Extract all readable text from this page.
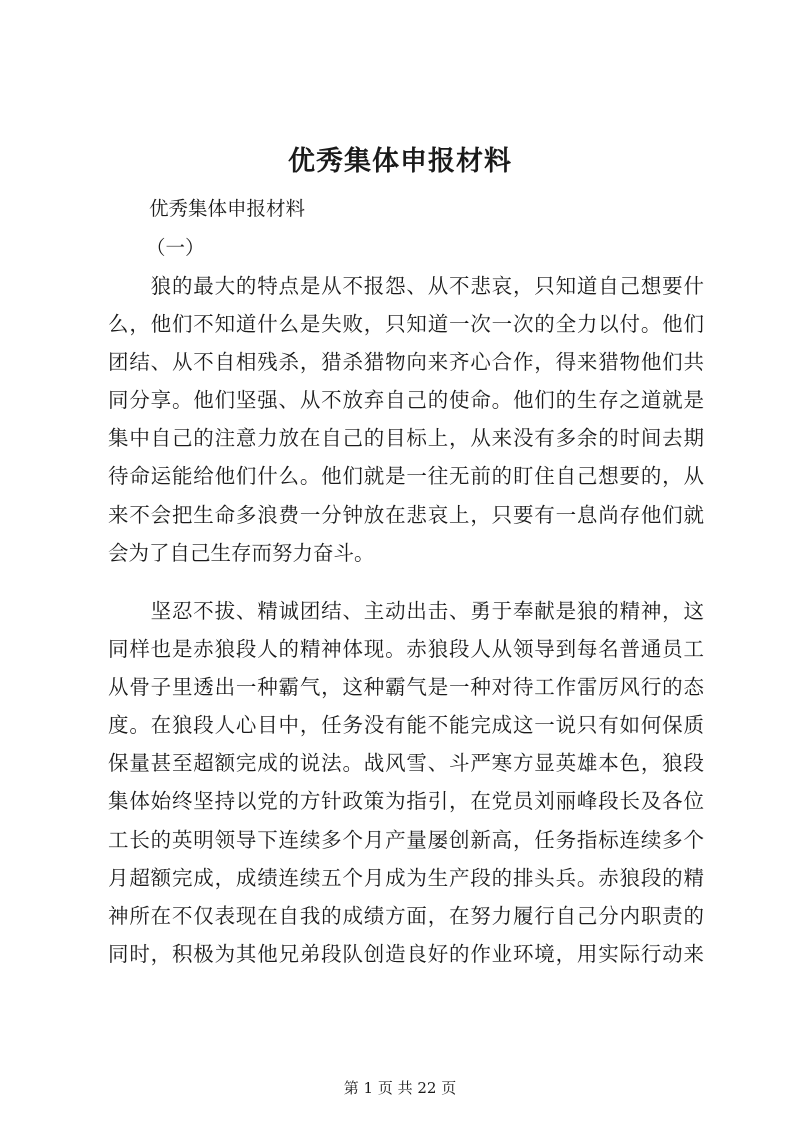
优秀集体申报材料
优秀集体申报材料
（一）
　　狼的最大的特点是从不报怨、从不悲哀，只知道自己想要什
么，他们不知道什么是失败，只知道一次一次的全力以付。他们
团结、从不自相残杀，猎杀猎物向来齐心合作，得来猎物他们共
同分享。他们坚强、从不放弃自己的使命。他们的生存之道就是
集中自己的注意力放在自己的目标上，从来没有多余的时间去期
待命运能给他们什么。他们就是一往无前的盯住自己想要的，从
来不会把生命多浪费一分钟放在悲哀上，只要有一息尚存他们就
会为了自己生存而努力奋斗。
　　坚忍不拔、精诚团结、主动出击、勇于奉献是狼的精神，这
同样也是赤狼段人的精神体现。赤狼段人从领导到每名普通员工
从骨子里透出一种霸气，这种霸气是一种对待工作雷厉风行的态
度。在狼段人心目中，任务没有能不能完成这一说只有如何保质
保量甚至超额完成的说法。战风雪、斗严寒方显英雄本色，狼段
集体始终坚持以党的方针政策为指引，在党员刘丽峰段长及各位
工长的英明领导下连续多个月产量屡创新高，任务指标连续多个
月超额完成，成绩连续五个月成为生产段的排头兵。赤狼段的精
神所在不仅表现在自我的成绩方面，在努力履行自己分内职责的
同时，积极为其他兄弟段队创造良好的作业环境，用实际行动来
第 1 页 共 22 页
